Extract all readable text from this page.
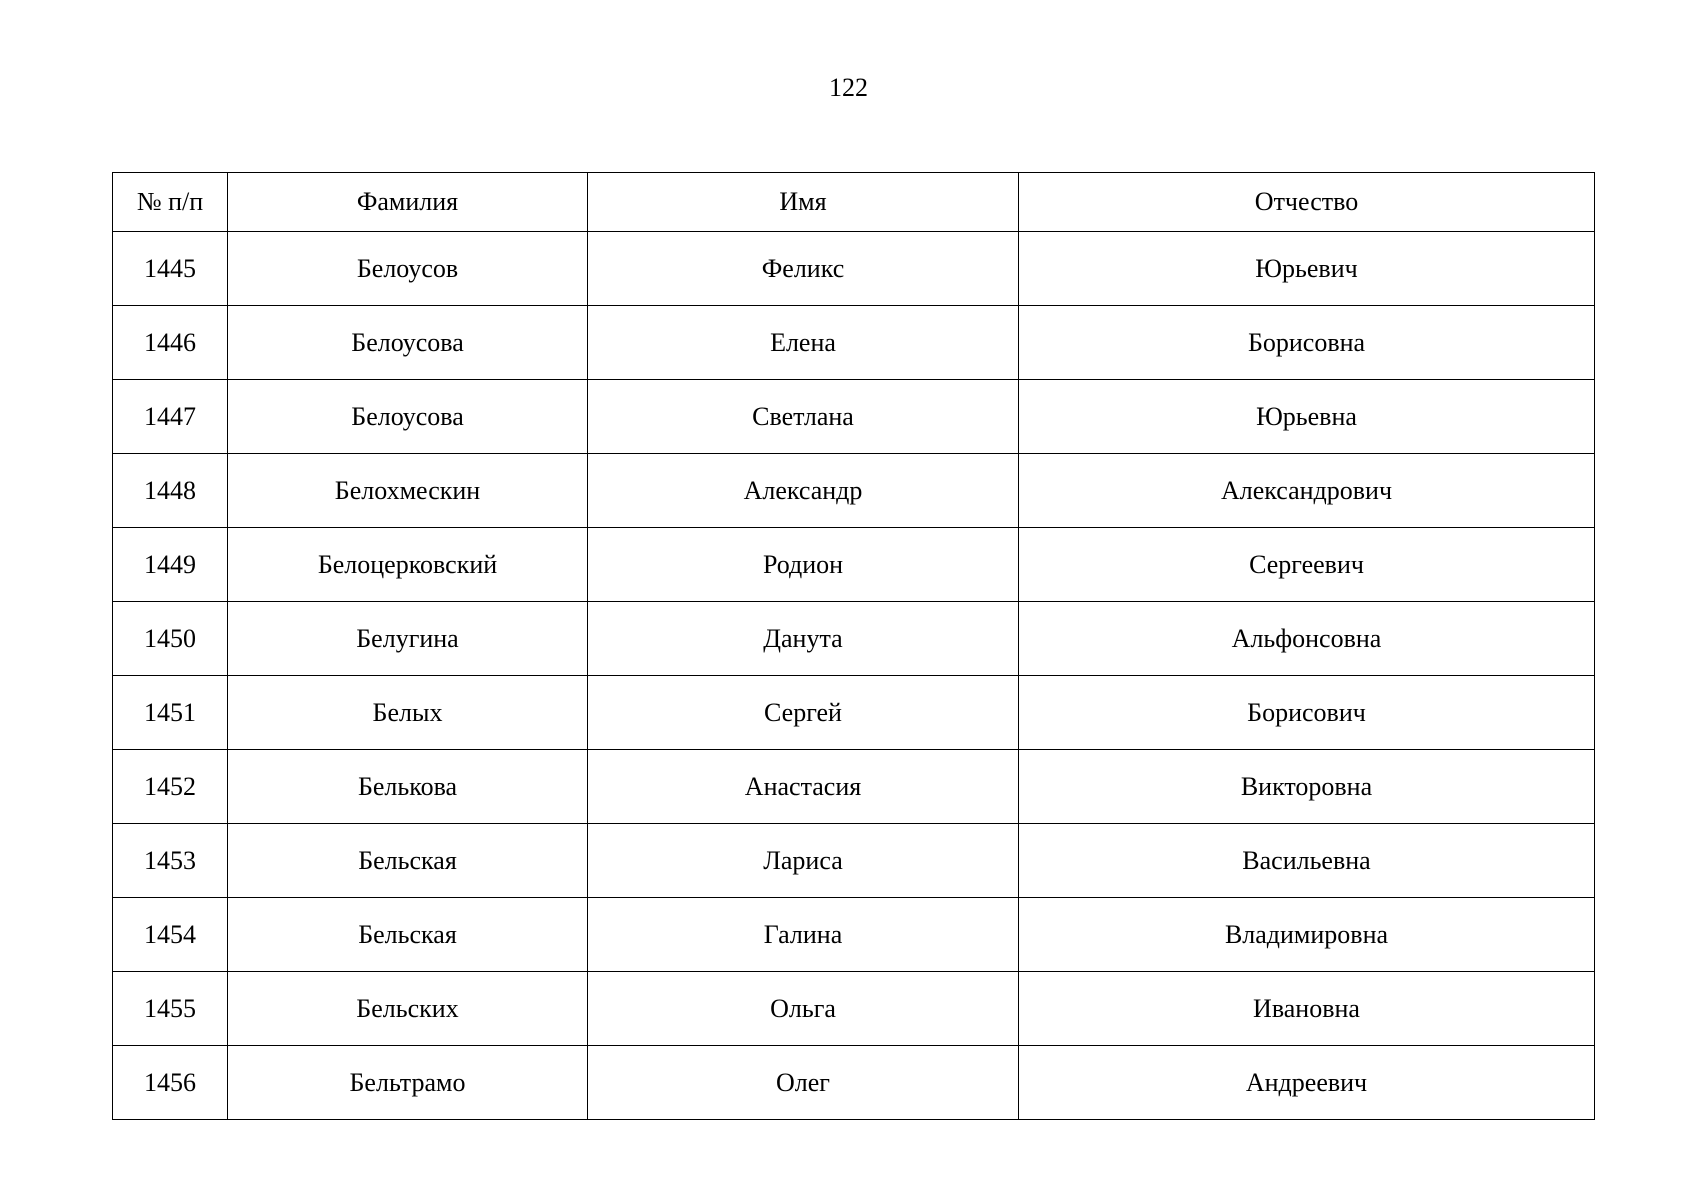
122
№ п/п	Фамилия	Имя	Отчество
1445	Белоусов	Феликс	Юрьевич
1446	Белоусова	Елена	Борисовна
1447	Белоусова	Светлана	Юрьевна
1448	Белохмескин	Александр	Александрович
1449	Белоцерковский	Родион	Сергеевич
1450	Белугина	Данута	Альфонсовна
1451	Белых	Сергей	Борисович
1452	Белькова	Анастасия	Викторовна
1453	Бельская	Лариса	Васильевна
1454	Бельская	Галина	Владимировна
1455	Бельских	Ольга	Ивановна
1456	Бельтрамо	Олег	Андреевич
